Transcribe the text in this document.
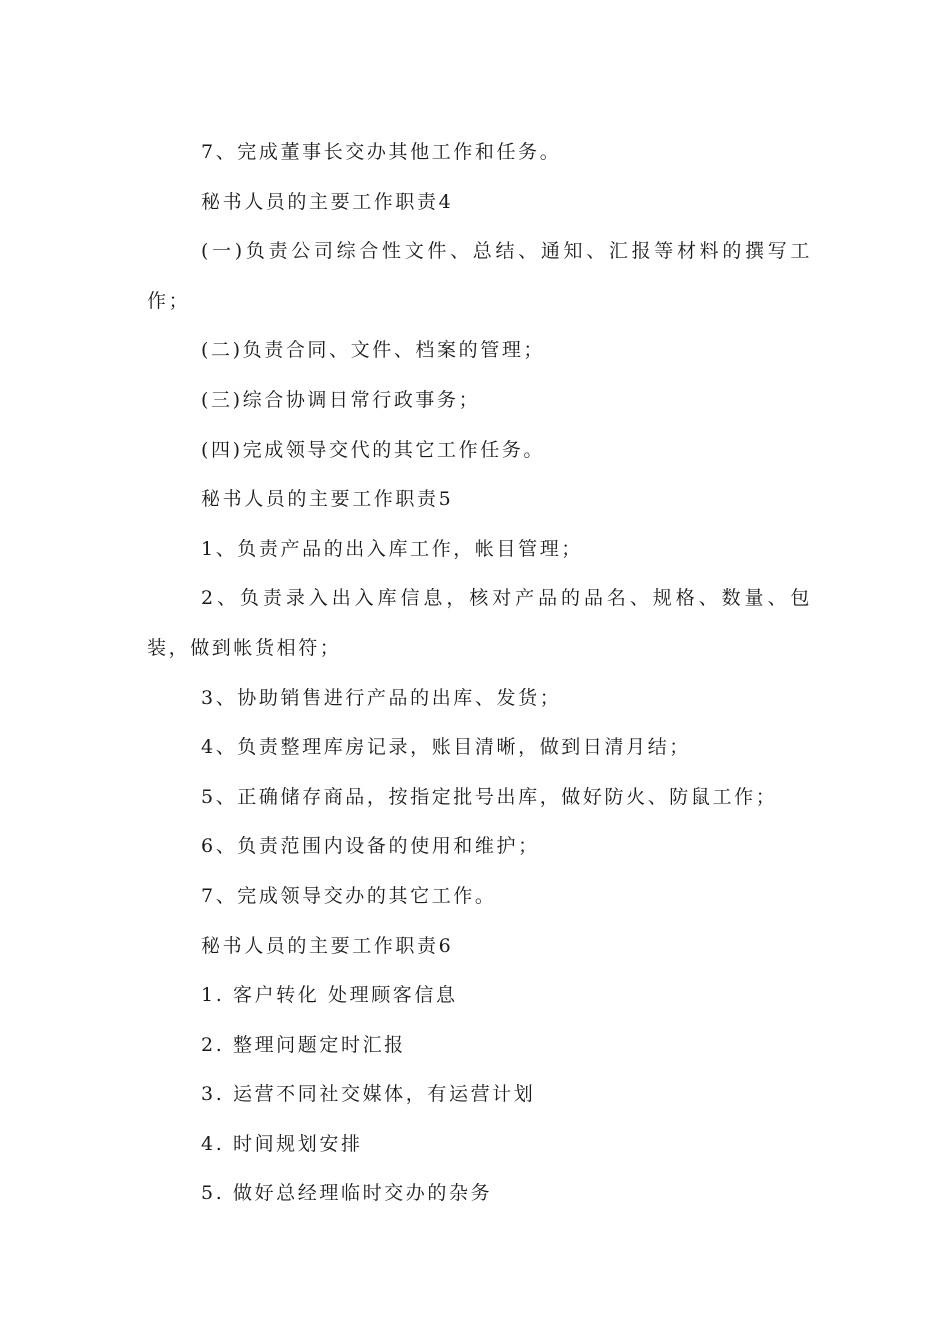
7、完成董事长交办其他工作和任务。

秘书人员的主要工作职责4

(一)负责公司综合性文件、总结、通知、汇报等材料的撰写工作；

(二)负责合同、文件、档案的管理；

(三)综合协调日常行政事务；

(四)完成领导交代的其它工作任务。

秘书人员的主要工作职责5

1、负责产品的出入库工作，帐目管理；

2、负责录入出入库信息，核对产品的品名、规格、数量、包装，做到帐货相符；

3、协助销售进行产品的出库、发货；

4、负责整理库房记录，账目清晰，做到日清月结；

5、正确储存商品，按指定批号出库，做好防火、防鼠工作；

6、负责范围内设备的使用和维护；

7、完成领导交办的其它工作。

秘书人员的主要工作职责6

1. 客户转化 处理顾客信息

2. 整理问题定时汇报

3. 运营不同社交媒体，有运营计划

4. 时间规划安排

5. 做好总经理临时交办的杂务
